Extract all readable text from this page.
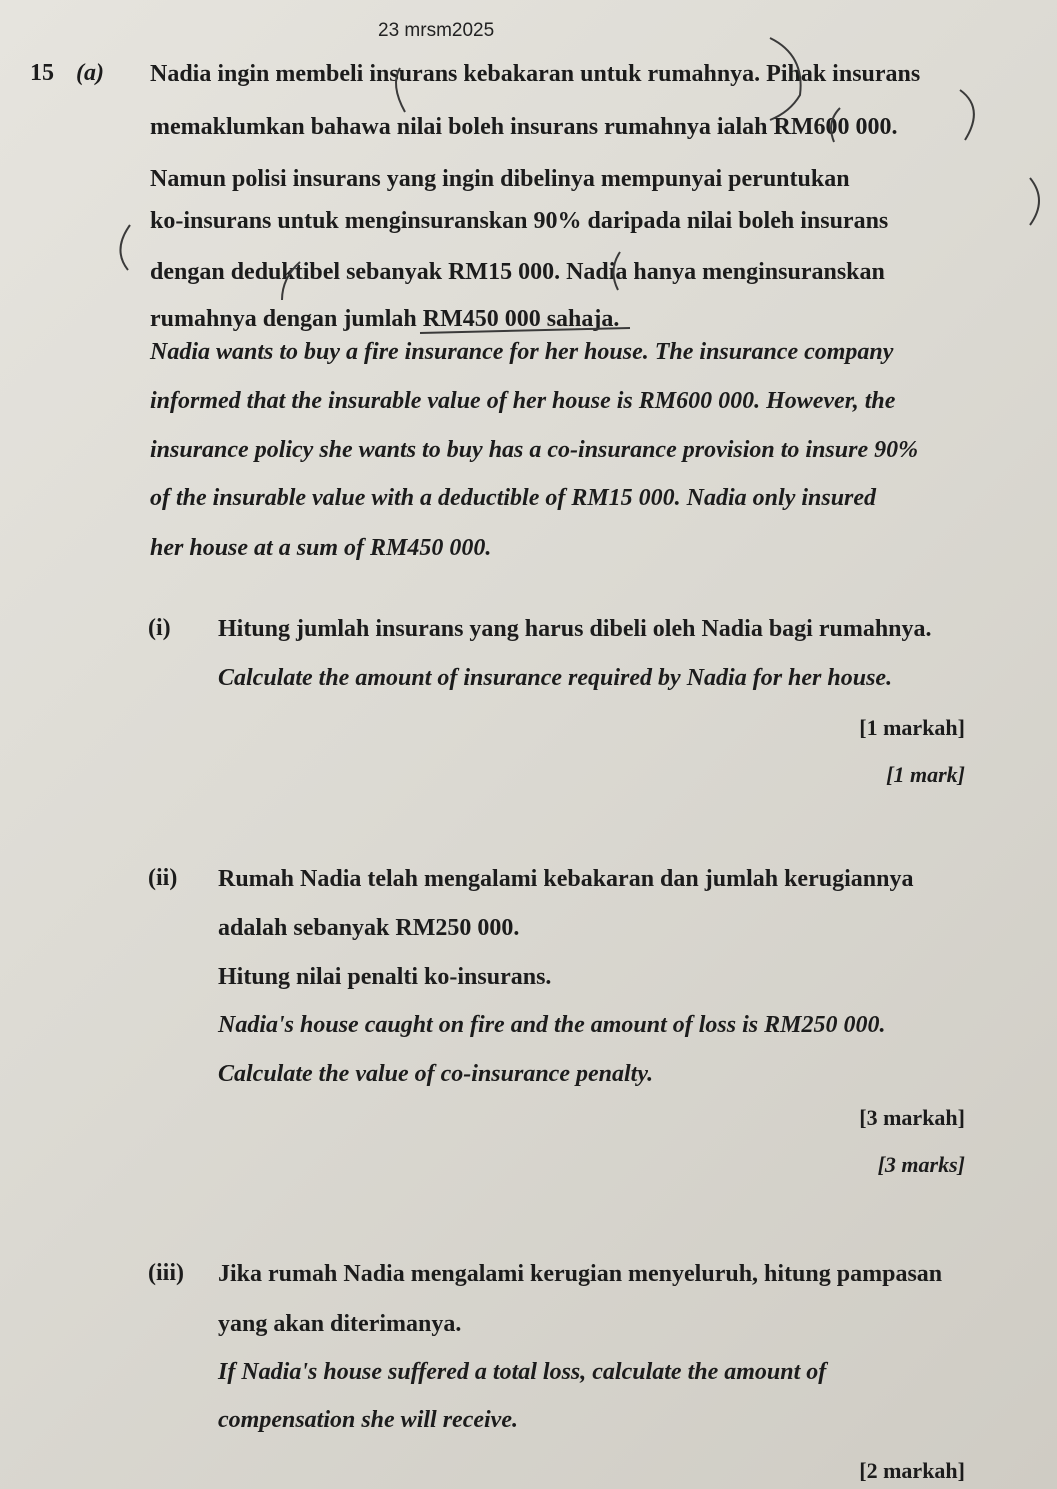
23 mrsm2025
15 (a) Nadia ingin membeli insurans kebakaran untuk rumahnya. Pihak insurans
memaklumkan bahawa nilai boleh insurans rumahnya ialah RM600 000.
Namun polisi insurans yang ingin dibelinya mempunyai peruntukan
ko-insurans untuk menginsuranskan 90% daripada nilai boleh insurans
dengan deduktibel sebanyak RM15 000. Nadia hanya menginsuranskan
rumahnya dengan jumlah RM450 000 sahaja.
Nadia wants to buy a fire insurance for her house. The insurance company
informed that the insurable value of her house is RM600 000. However, the
insurance policy she wants to buy has a co-insurance provision to insure 90%
of the insurable value with a deductible of RM15 000. Nadia only insured
her house at a sum of RM450 000.
(i) Hitung jumlah insurans yang harus dibeli oleh Nadia bagi rumahnya.
Calculate the amount of insurance required by Nadia for her house.
[1 markah]
[1 mark]
(ii) Rumah Nadia telah mengalami kebakaran dan jumlah kerugiannya
adalah sebanyak RM250 000.
Hitung nilai penalti ko-insurans.
Nadia's house caught on fire and the amount of loss is RM250 000.
Calculate the value of co-insurance penalty.
[3 markah]
[3 marks]
(iii) Jika rumah Nadia mengalami kerugian menyeluruh, hitung pampasan
yang akan diterimanya.
If Nadia's house suffered a total loss, calculate the amount of
compensation she will receive.
[2 markah]
